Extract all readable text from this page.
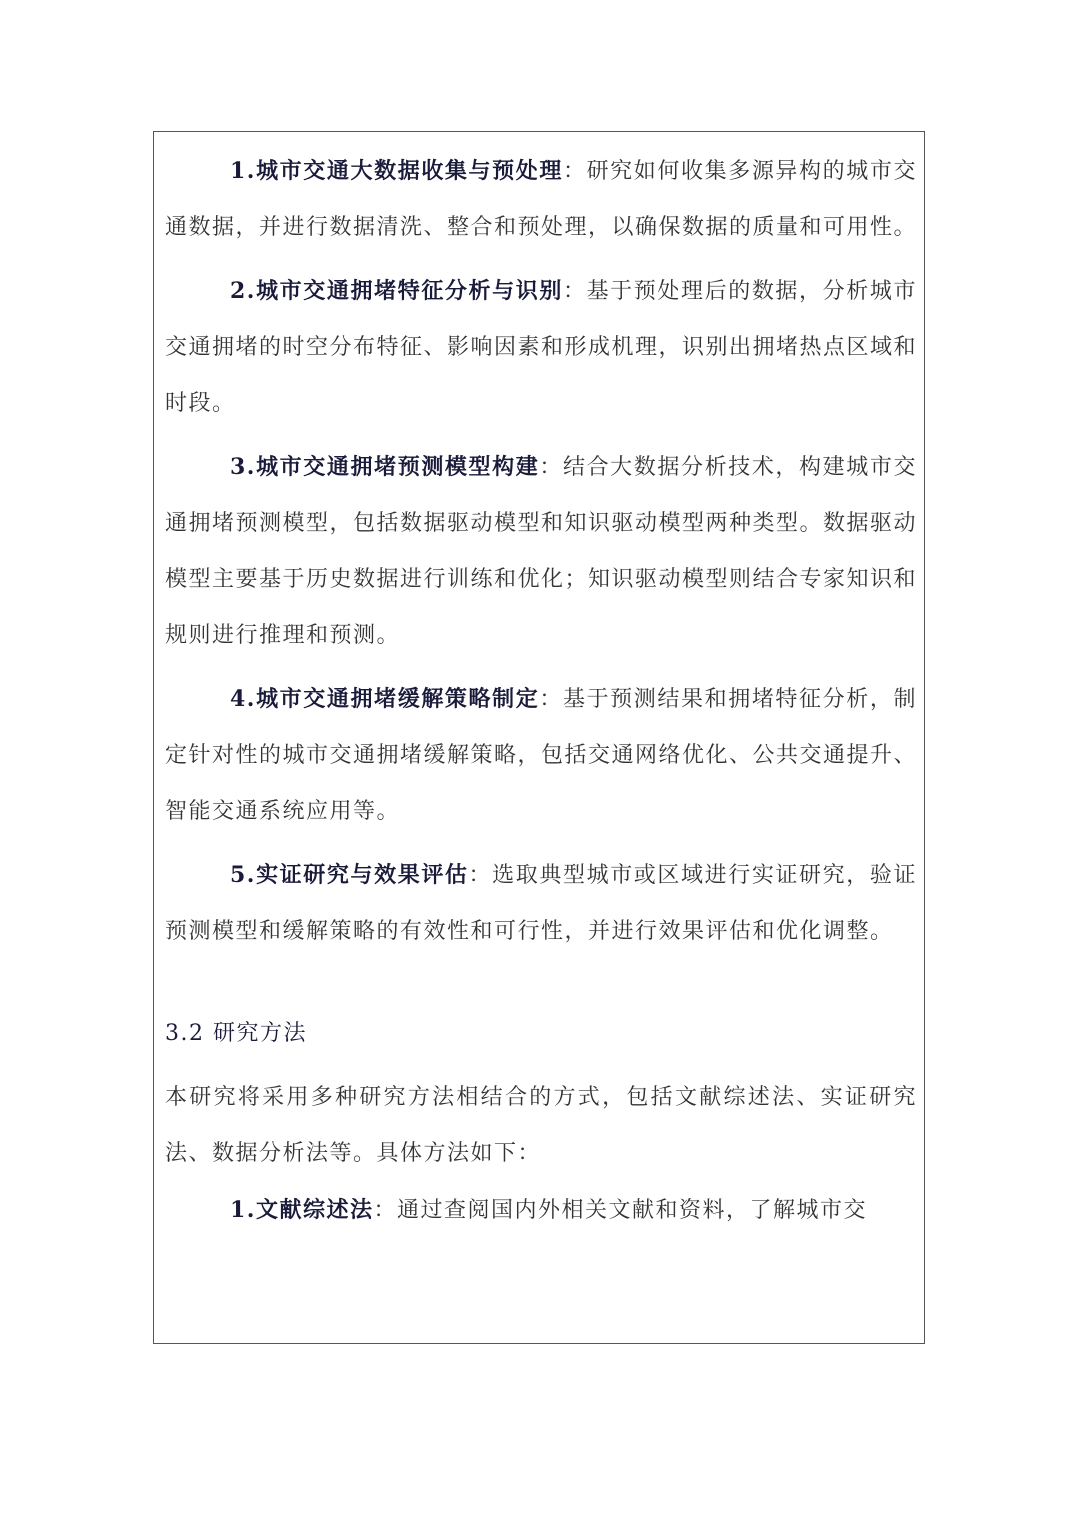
1.城市交通大数据收集与预处理：研究如何收集多源异构的城市交通数据，并进行数据清洗、整合和预处理，以确保数据的质量和可用性。

2.城市交通拥堵特征分析与识别：基于预处理后的数据，分析城市交通拥堵的时空分布特征、影响因素和形成机理，识别出拥堵热点区域和时段。

3.城市交通拥堵预测模型构建：结合大数据分析技术，构建城市交通拥堵预测模型，包括数据驱动模型和知识驱动模型两种类型。数据驱动模型主要基于历史数据进行训练和优化；知识驱动模型则结合专家知识和规则进行推理和预测。

4.城市交通拥堵缓解策略制定：基于预测结果和拥堵特征分析，制定针对性的城市交通拥堵缓解策略，包括交通网络优化、公共交通提升、智能交通系统应用等。

5.实证研究与效果评估：选取典型城市或区域进行实证研究，验证预测模型和缓解策略的有效性和可行性，并进行效果评估和优化调整。

3.2 研究方法

本研究将采用多种研究方法相结合的方式，包括文献综述法、实证研究法、数据分析法等。具体方法如下：

1.文献综述法：通过查阅国内外相关文献和资料，了解城市交
